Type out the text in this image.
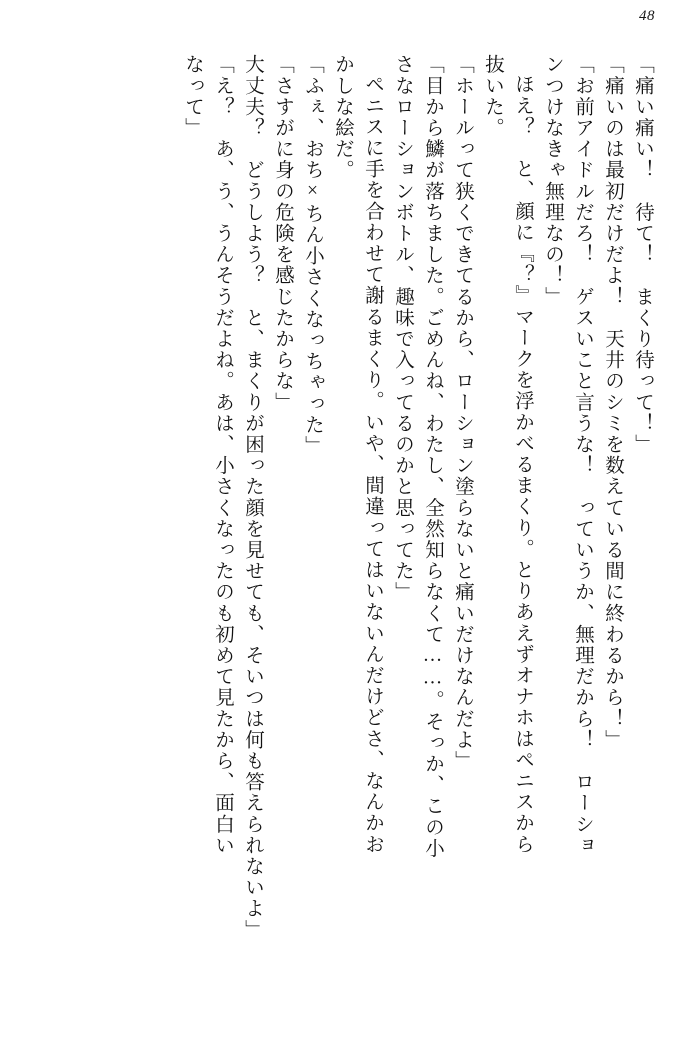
48
「痛い痛い！　待て！　まくり待って！」
「痛いのは最初だけだよ！　天井のシミを数えている間に終わるから！」
「お前アイドルだろ！　ゲスいこと言うな！　っていうか、無理だから！　ローショ
ンつけなきゃ無理なの！」
ほえ？　と、顔に『？』マークを浮かべるまくり。とりあえずオナホはペニスから
抜いた。
「ホールって狭くできてるから、ローション塗らないと痛いだけなんだよ」
「目から鱗が落ちました。ごめんね、わたし、全然知らなくて……。そっか、この小
さなローションボトル、趣味で入ってるのかと思ってた」
ペニスに手を合わせて謝るまくり。いや、間違ってはいないんだけどさ、なんかお
かしな絵だ。
「ふぇ、おち×ちん小さくなっちゃった」
「さすがに身の危険を感じたからな」
大丈夫？　どうしよう？　と、まくりが困った顔を見せても、そいつは何も答えられないよ」
「え？　あ、う、うんそうだよね。あは、小さくなったのも初めて見たから、面白い
なって」
